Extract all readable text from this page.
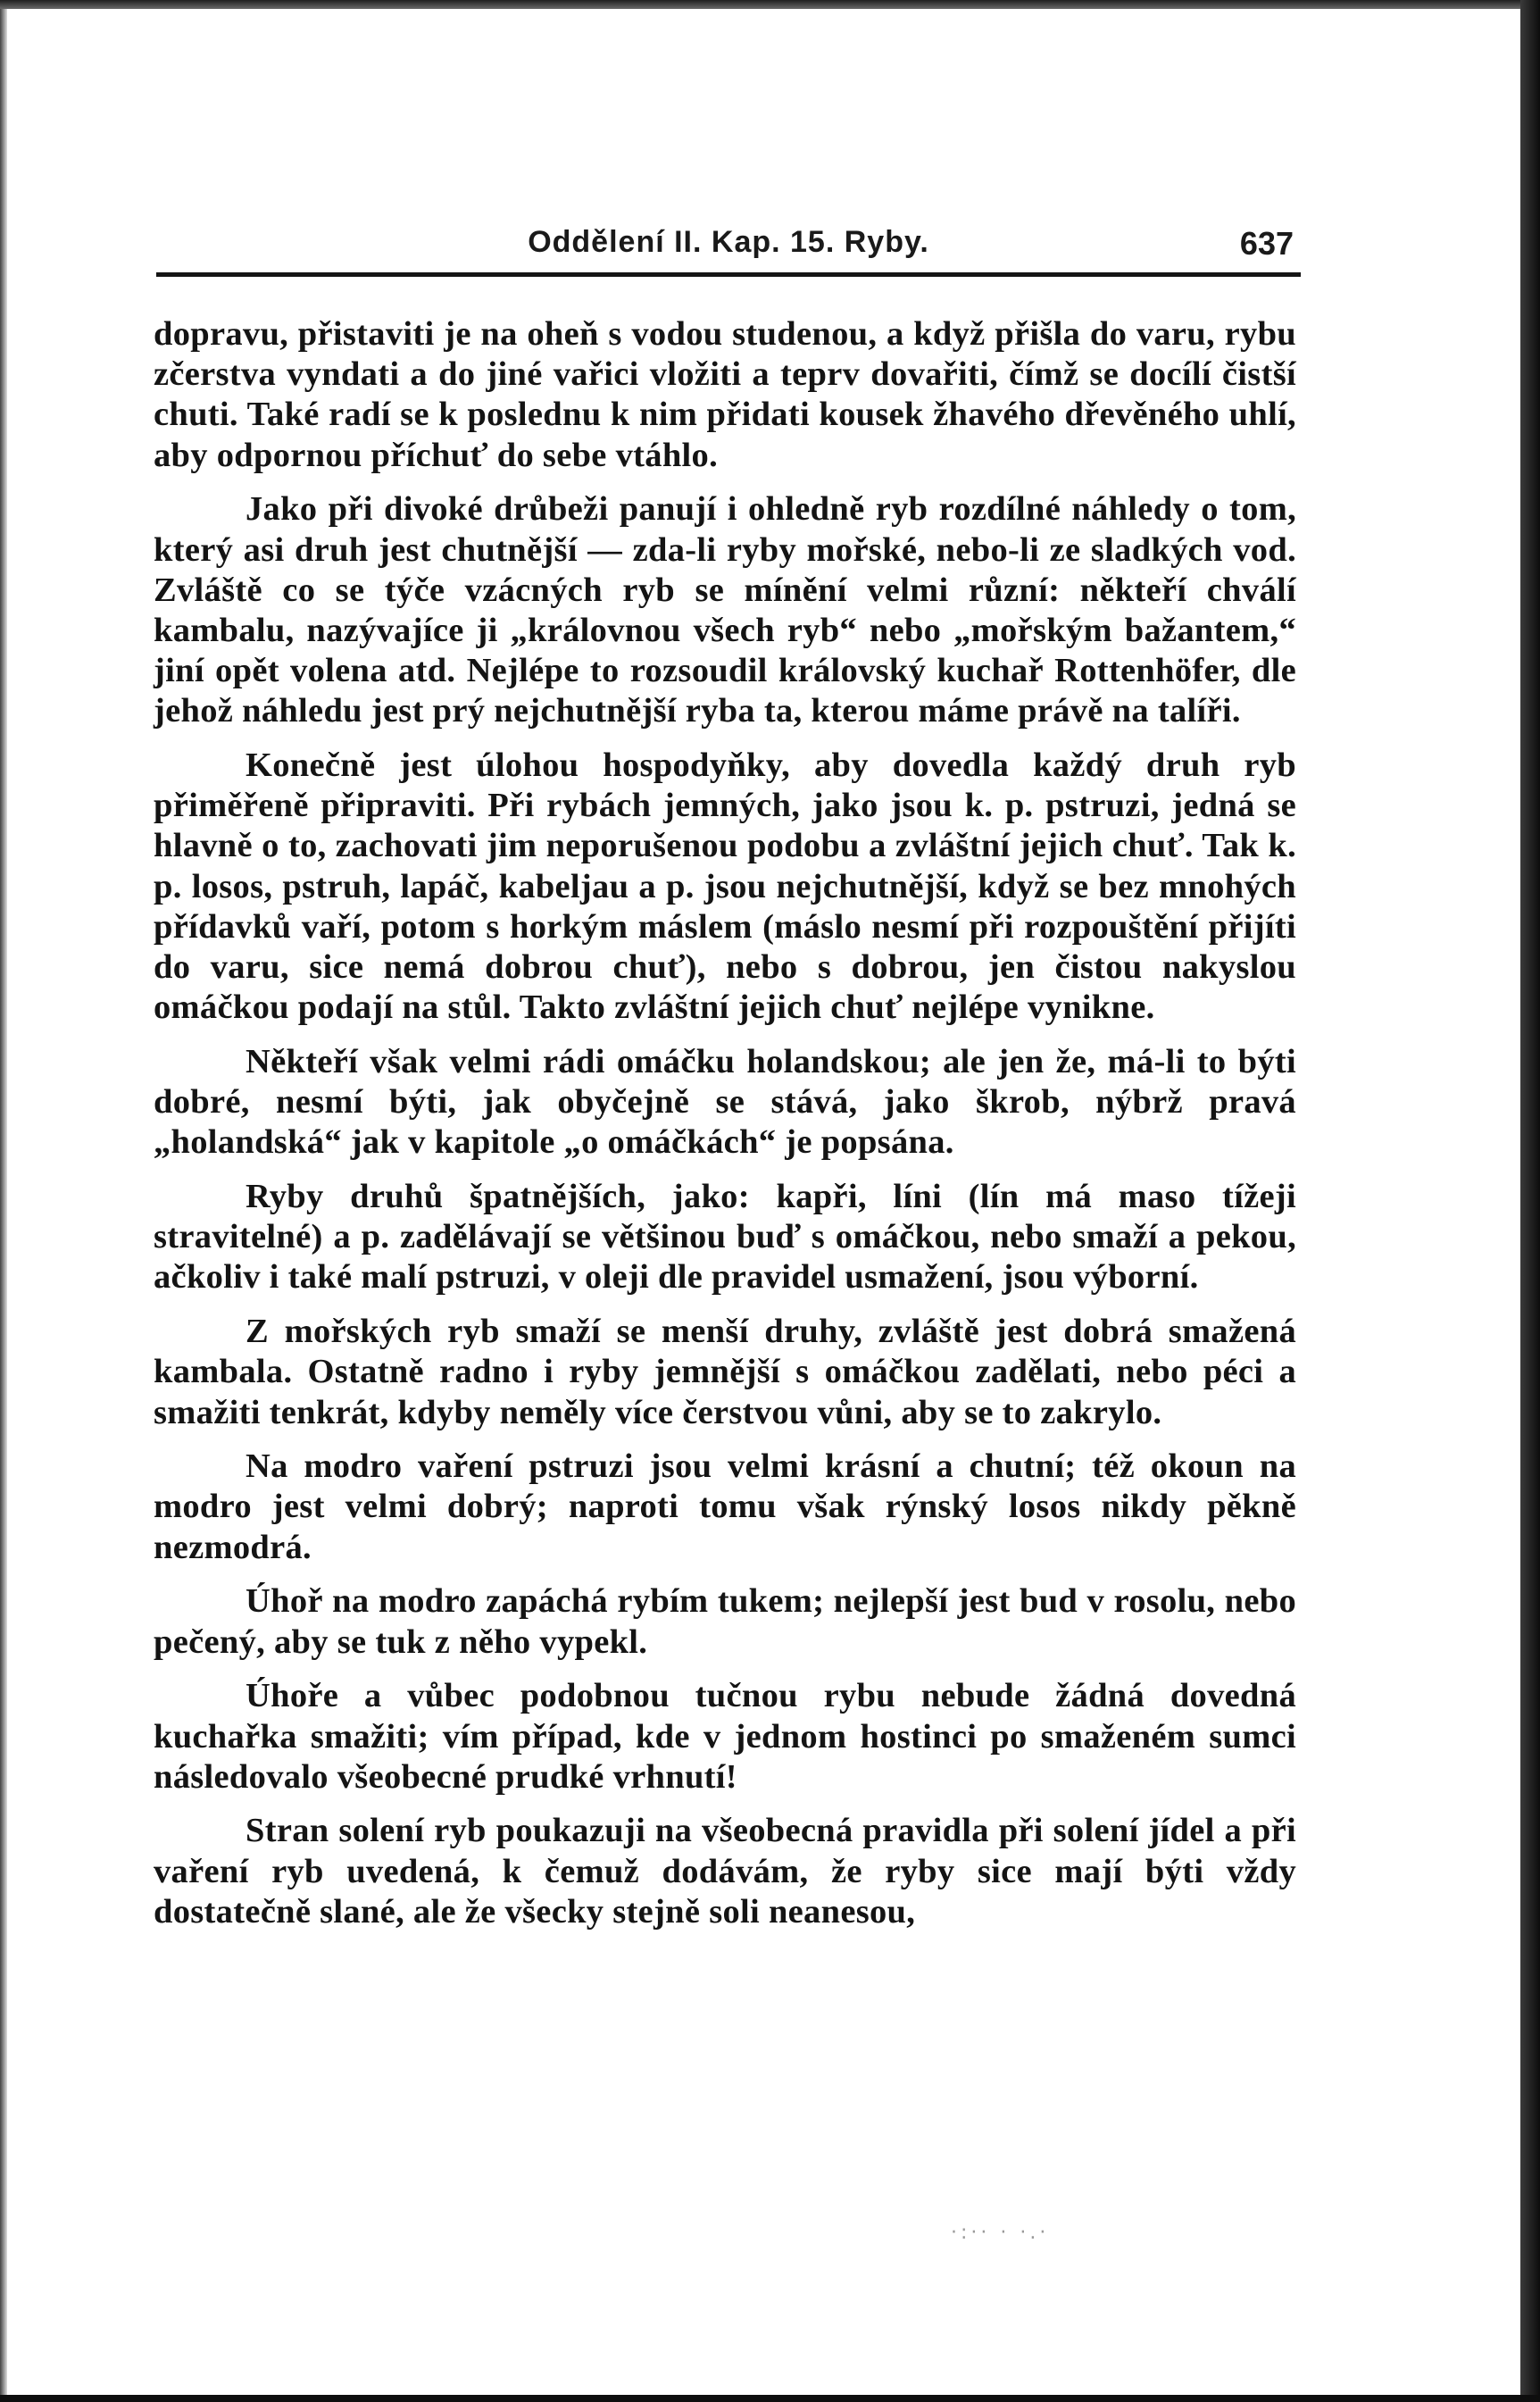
Oddělení II. Kap. 15. Ryby.	637

dopravu, přistaviti je na oheň s vodou studenou, a když přišla do varu, rybu zčerstva vyndati a do jiné vařici vložiti a teprv dovařiti, čímž se docílí čistší chuti. Také radí se k poslednu k nim přidati kousek žhavého dřevěného uhlí, aby odpornou příchuť do sebe vtáhlo.

Jako při divoké drůbeži panují i ohledně ryb rozdílné náhledy o tom, který asi druh jest chutnější — zda-li ryby mořské, nebo-li ze sladkých vod. Zvláště co se týče vzácných ryb se mínění velmi různí: někteří chválí kambalu, nazývajíce ji „královnou všech ryb“ nebo „mořským bažantem,“ jiní opět volena atd. Nejlépe to rozsoudil královský kuchař Rottenhöfer, dle jehož náhledu jest prý nejchutnější ryba ta, kterou máme právě na talíři.

Konečně jest úlohou hospodyňky, aby dovedla každý druh ryb přiměřeně připraviti. Při rybách jemných, jako jsou k. p. pstruzi, jedná se hlavně o to, zachovati jim neporušenou podobu a zvláštní jejich chuť. Tak k. p. losos, pstruh, lapáč, kabeljau a p. jsou nejchutnější, když se bez mnohých přídavků vaří, potom s horkým máslem (máslo nesmí při rozpouštění přijíti do varu, sice nemá dobrou chuť), nebo s dobrou, jen čistou nakyslou omáčkou podají na stůl. Takto zvláštní jejich chuť nejlépe vynikne.

Někteří však velmi rádi omáčku holandskou; ale jen že, má-li to býti dobré, nesmí býti, jak obyčejně se stává, jako škrob, nýbrž pravá „holandská“ jak v kapitole „o omáčkách“ je popsána.

Ryby druhů špatnějších, jako: kapři, líni (lín má maso tížeji stravitelné) a p. zadělávají se většinou buď s omáčkou, nebo smaží a pekou, ačkoliv i také malí pstruzi, v oleji dle pravidel usmažení, jsou výborní.

Z mořských ryb smaží se menší druhy, zvláště jest dobrá smažená kambala. Ostatně radno i ryby jemnější s omáčkou zadělati, nebo péci a smažiti tenkrát, kdyby neměly více čerstvou vůni, aby se to zakrylo.

Na modro vaření pstruzi jsou velmi krásní a chutní; též okoun na modro jest velmi dobrý; naproti tomu však rýnský losos nikdy pěkně nezmodrá.

Úhoř na modro zapáchá rybím tukem; nejlepší jest bud v rosolu, nebo pečený, aby se tuk z něho vypekl.

Úhoře a vůbec podobnou tučnou rybu nebude žádná dovedná kuchařka smažiti; vím případ, kde v jednom hostinci po smaženém sumci následovalo všeobecné prudké vrhnutí!

Stran solení ryb poukazuji na všeobecná pravidla při solení jídel a při vaření ryb uvedená, k čemuž dodávám, že ryby sice mají býti vždy dostatečně slané, ale že všecky stejně soli neanesou,

·:·· · ·.·
